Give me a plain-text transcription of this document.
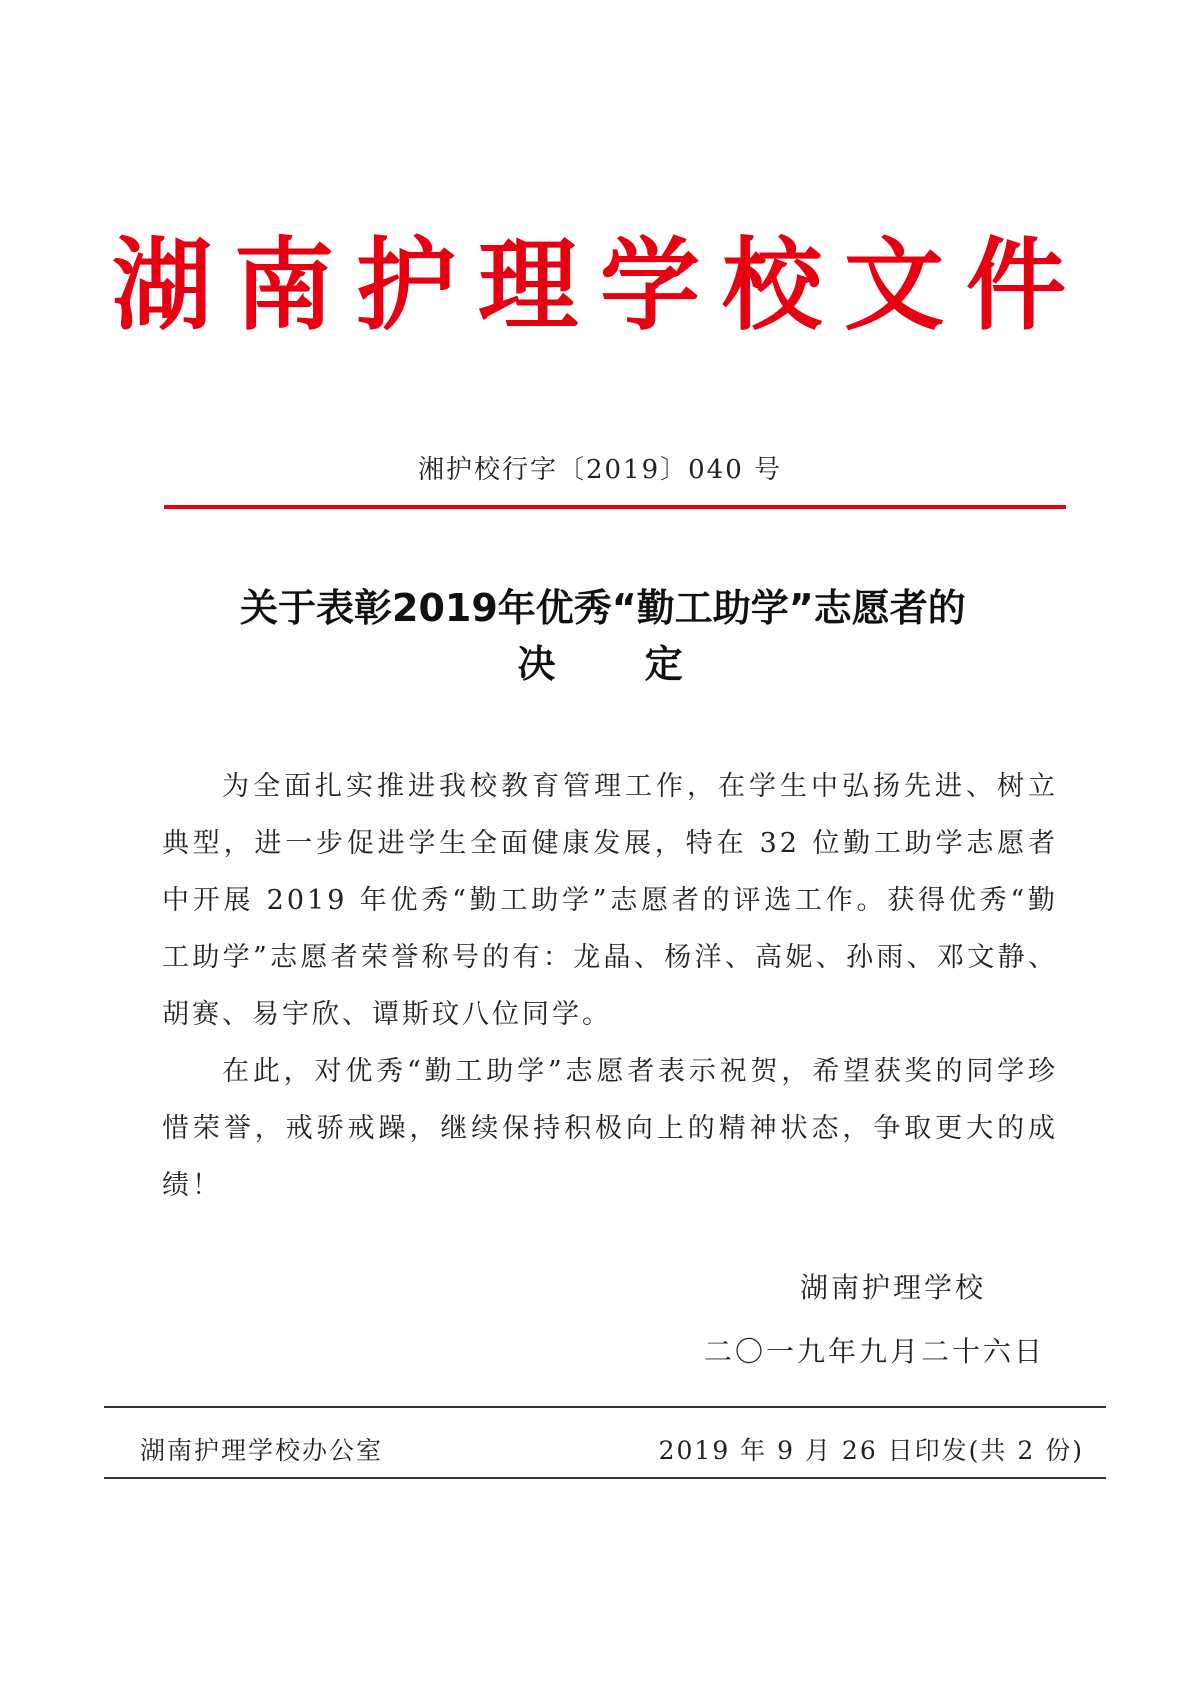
湖南护理学校文件
湘护校行字〔2019〕040 号
关于表彰2019年优秀“勤工助学”志愿者的
决 定

为全面扎实推进我校教育管理工作，在学生中弘扬先进、树立典型，进一步促进学生全面健康发展，特在 32 位勤工助学志愿者中开展 2019 年优秀“勤工助学”志愿者的评选工作。获得优秀“勤工助学”志愿者荣誉称号的有：龙晶、杨洋、高妮、孙雨、邓文静、胡赛、易宇欣、谭斯玟八位同学。

在此，对优秀“勤工助学”志愿者表示祝贺，希望获奖的同学珍惜荣誉，戒骄戒躁，继续保持积极向上的精神状态，争取更大的成绩！

湖南护理学校
二〇一九年九月二十六日
湖南护理学校办公室	2019 年 9 月 26 日印发(共 2 份)
